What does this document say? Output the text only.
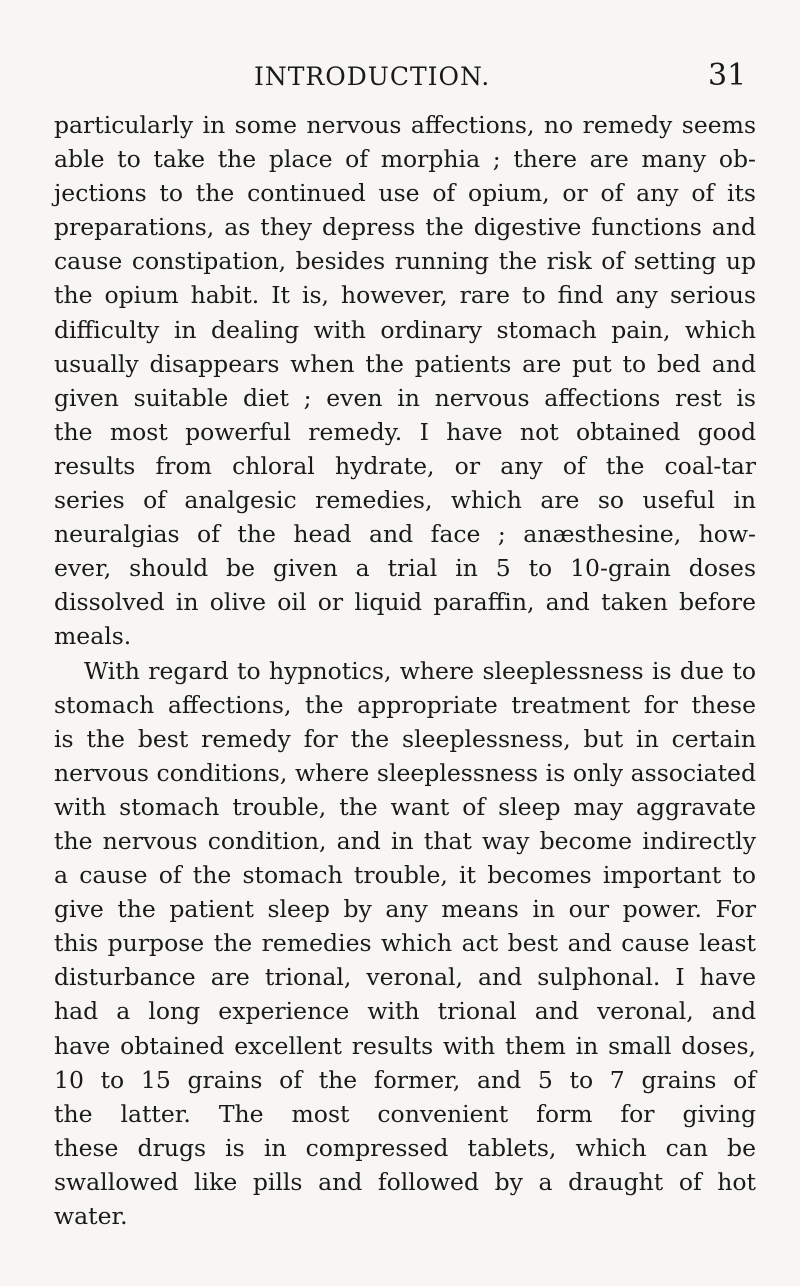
INTRODUCTION.	31
particularly in some nervous affections, no remedy seems
able to take the place of morphia ; there are many ob-
jections to the continued use of opium, or of any of its
preparations, as they depress the digestive functions and
cause constipation, besides running the risk of setting up
the opium habit. It is, however, rare to find any serious
difficulty in dealing with ordinary stomach pain, which
usually disappears when the patients are put to bed and
given suitable diet ; even in nervous affections rest is
the most powerful remedy. I have not obtained good
results from chloral hydrate, or any of the coal-tar
series of analgesic remedies, which are so useful in
neuralgias of the head and face ; anæsthesine, how-
ever, should be given a trial in 5 to 10-grain doses
dissolved in olive oil or liquid paraffin, and taken before
meals.
With regard to hypnotics, where sleeplessness is due to
stomach affections, the appropriate treatment for these
is the best remedy for the sleeplessness, but in certain
nervous conditions, where sleeplessness is only associated
with stomach trouble, the want of sleep may aggravate
the nervous condition, and in that way become indirectly
a cause of the stomach trouble, it becomes important to
give the patient sleep by any means in our power. For
this purpose the remedies which act best and cause least
disturbance are trional, veronal, and sulphonal. I have
had a long experience with trional and veronal, and
have obtained excellent results with them in small doses,
10 to 15 grains of the former, and 5 to 7 grains of
the latter. The most convenient form for giving
these drugs is in compressed tablets, which can be
swallowed like pills and followed by a draught of hot
water.
